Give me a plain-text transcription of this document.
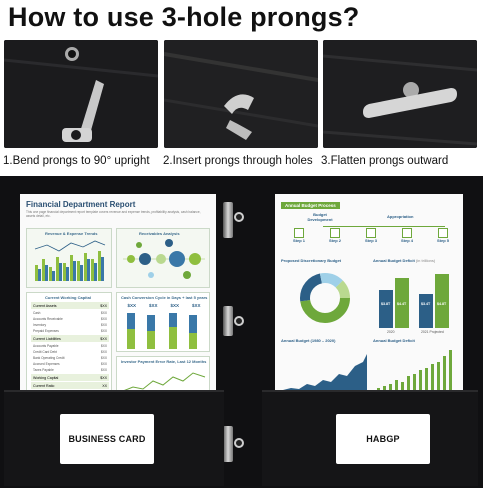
How to use 3-hole prongs?
1.Bend prongs to 90° upright 2.Insert prongs through holes 3.Flatten prongs outward
Financial Department Report
This one page financial department report template covers revenue and expense trends, profitability analysis, cash balance, assets detail, etc.
Revenue & Expense Trends	Receivables Analysis
Current Working Capital
Current Assets	$XX
Cash	$XX
Accounts Receivable	$XX
Inventory	$XX
Prepaid Expenses	$XX
Current Liabilities	$XX
Accounts Payable	$XX
Credit Card Debt	$XX
Bank Operating Credit	$XX
Accrued Expenses	$XX
Taxes Payable	$XX
Working Capital	$XX
Current Ratio	XX
Cash Conversion Cycle in Days + last 5 years
$XX	$XX	$XX	$XX
Investor Payment Error Rate, Last 12 Months
Annual Budget Process
Budget Development
Appropriation
Step 1	Step 2	Step 3	Step 4	Step 5
Proposed Discretionary Budget	Annual Budget Deficit (in trillions)
$3.8T $4.4T	$3.4T $4.8T
2020	2021 Projected
Annual Budget (1980 – 2020)	Annual Budget Deficit
BUSINESS CARD	HABGP
